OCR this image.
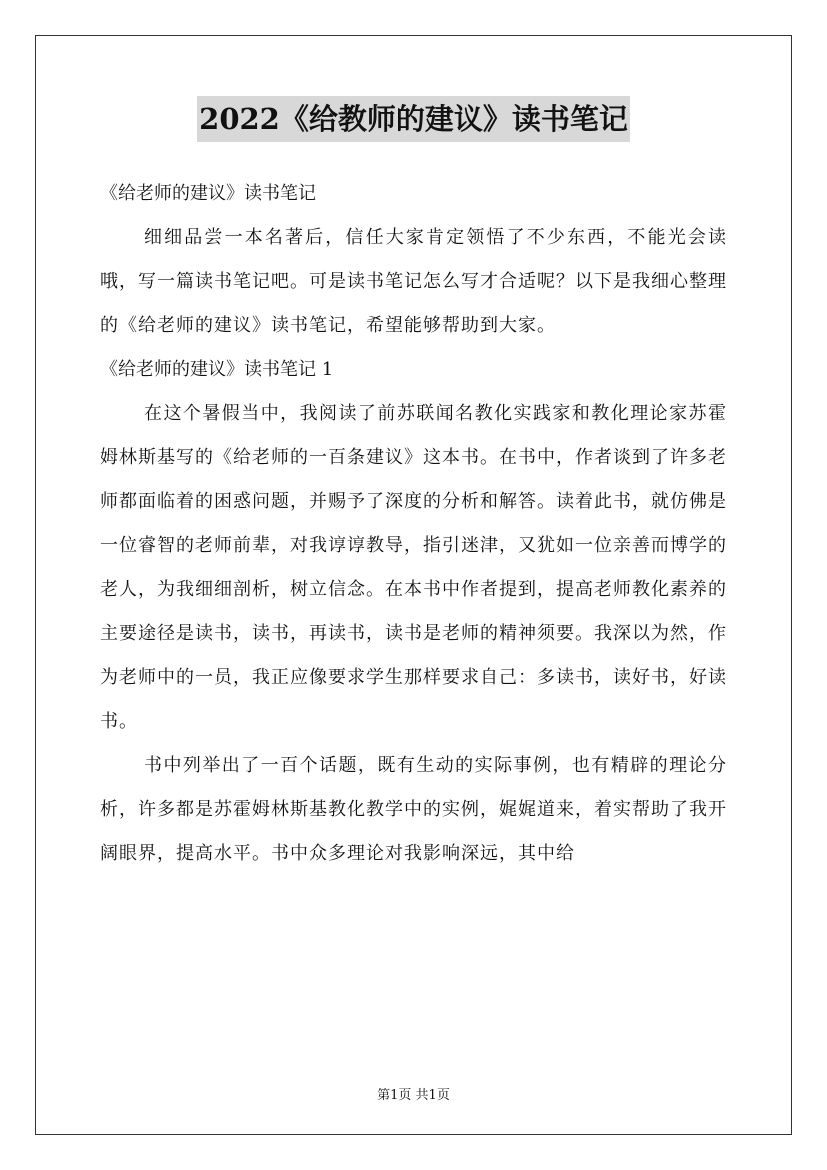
2022《给教师的建议》读书笔记

《给老师的建议》读书笔记

细细品尝一本名著后，信任大家肯定领悟了不少东西，不能光会读哦，写一篇读书笔记吧。可是读书笔记怎么写才合适呢？以下是我细心整理的《给老师的建议》读书笔记，希望能够帮助到大家。

《给老师的建议》读书笔记 1

在这个暑假当中，我阅读了前苏联闻名教化实践家和教化理论家苏霍姆林斯基写的《给老师的一百条建议》这本书。在书中，作者谈到了许多老师都面临着的困惑问题，并赐予了深度的分析和解答。读着此书，就仿佛是一位睿智的老师前辈，对我谆谆教导，指引迷津，又犹如一位亲善而博学的老人，为我细细剖析，树立信念。在本书中作者提到，提高老师教化素养的主要途径是读书，读书，再读书，读书是老师的精神须要。我深以为然，作为老师中的一员，我正应像要求学生那样要求自己：多读书，读好书，好读书。

书中列举出了一百个话题，既有生动的实际事例，也有精辟的理论分析，许多都是苏霍姆林斯基教化教学中的实例，娓娓道来，着实帮助了我开阔眼界，提高水平。书中众多理论对我影响深远，其中给

第1页 共1页
